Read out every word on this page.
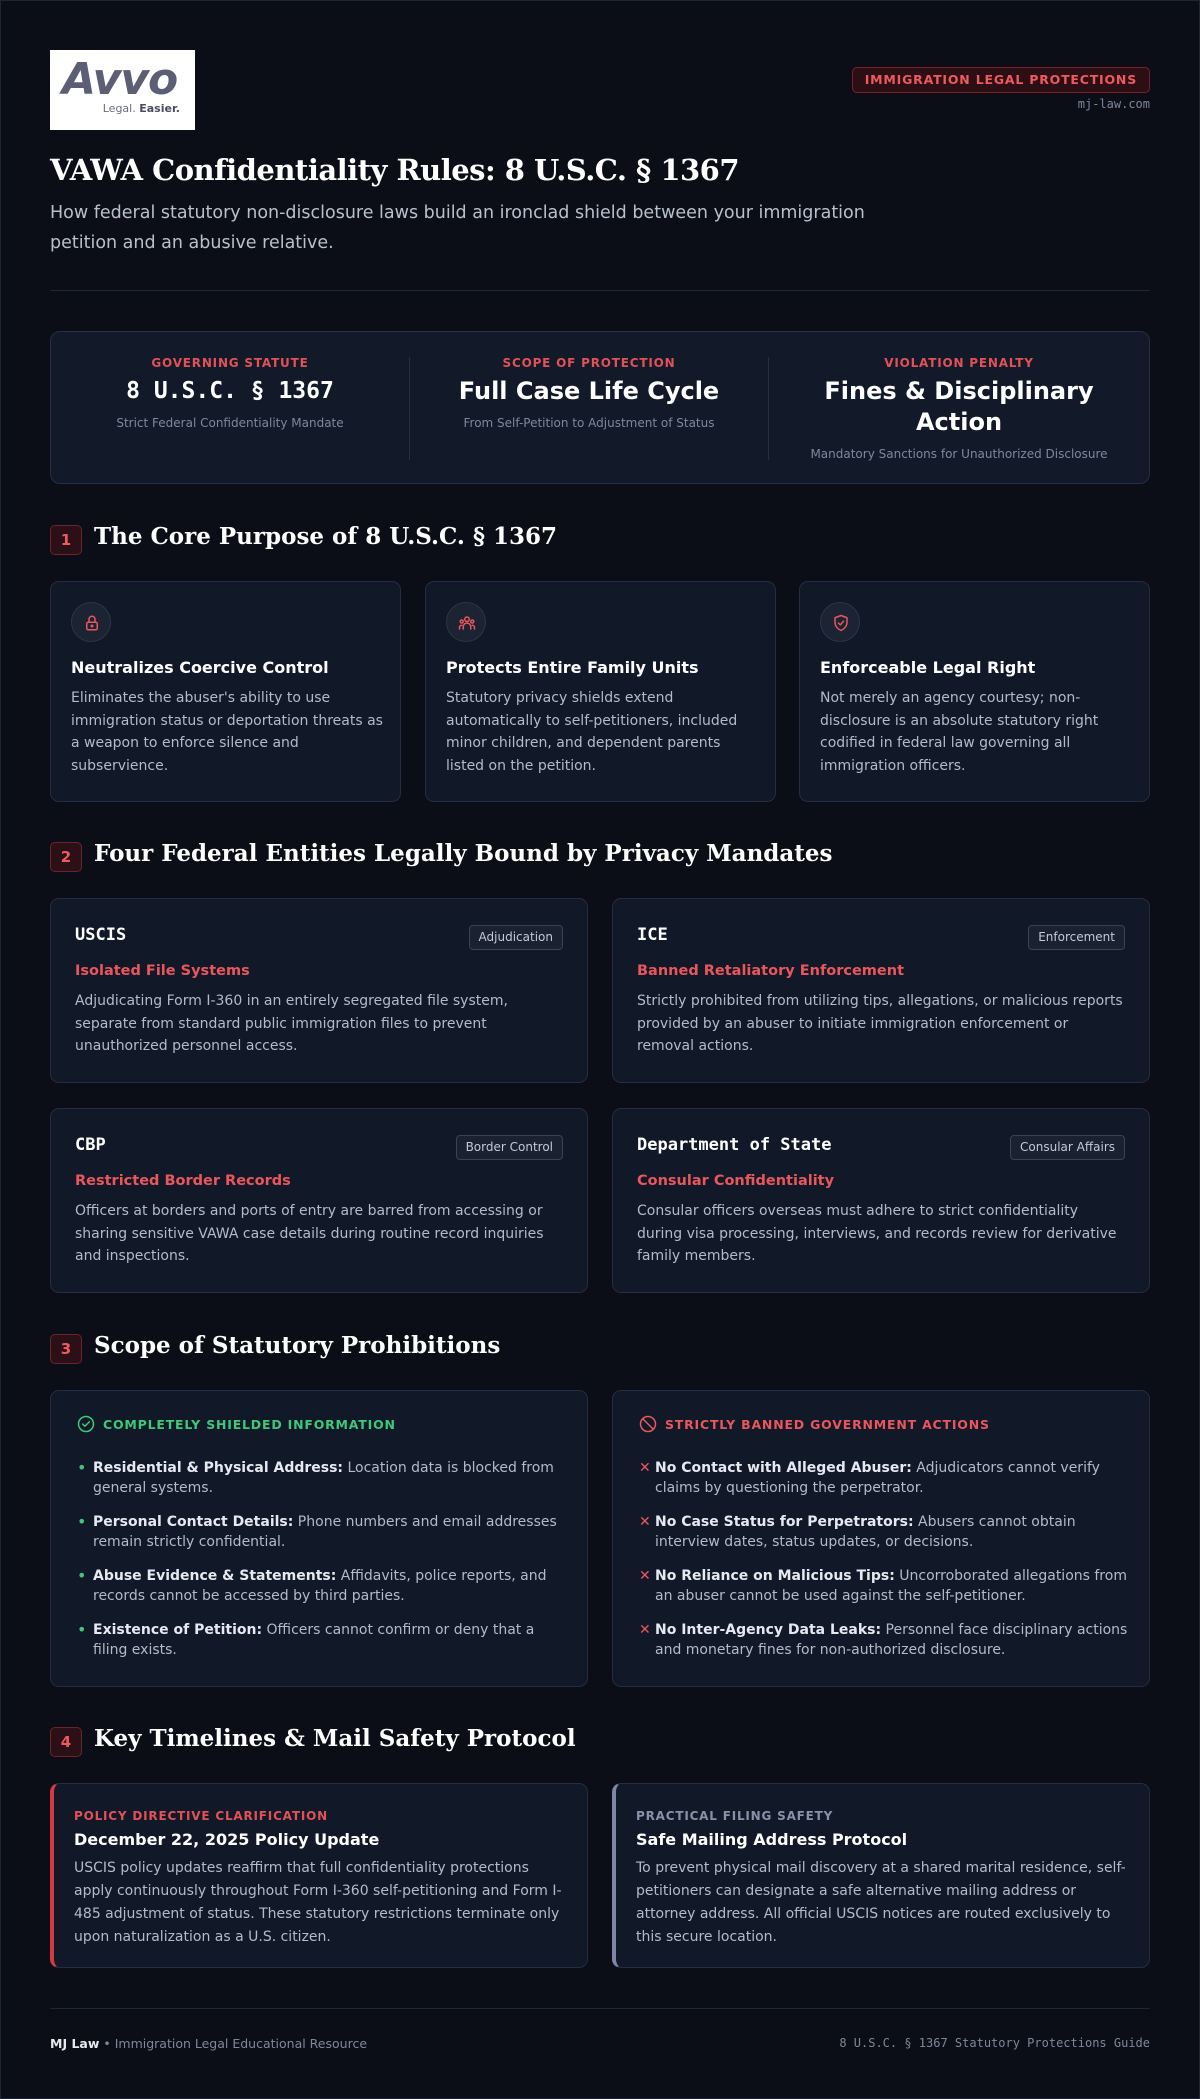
Avvo
Legal. Easier.
IMMIGRATION LEGAL PROTECTIONS
mj-law.com
VAWA Confidentiality Rules: 8 U.S.C. § 1367
How federal statutory non-disclosure laws build an ironclad shield between your immigration petition and an abusive relative.
GOVERNING STATUTE
8 U.S.C. § 1367
Strict Federal Confidentiality Mandate
SCOPE OF PROTECTION
Full Case Life Cycle
From Self-Petition to Adjustment of Status
VIOLATION PENALTY
Fines & Disciplinary Action
Mandatory Sanctions for Unauthorized Disclosure
1 The Core Purpose of 8 U.S.C. § 1367
Neutralizes Coercive Control
Eliminates the abuser's ability to use immigration status or deportation threats as a weapon to enforce silence and subservience.
Protects Entire Family Units
Statutory privacy shields extend automatically to self-petitioners, included minor children, and dependent parents listed on the petition.
Enforceable Legal Right
Not merely an agency courtesy; non-disclosure is an absolute statutory right codified in federal law governing all immigration officers.
2 Four Federal Entities Legally Bound by Privacy Mandates
USCIS	Adjudication
Isolated File Systems
Adjudicating Form I-360 in an entirely segregated file system, separate from standard public immigration files to prevent unauthorized personnel access.
ICE	Enforcement
Banned Retaliatory Enforcement
Strictly prohibited from utilizing tips, allegations, or malicious reports provided by an abuser to initiate immigration enforcement or removal actions.
CBP	Border Control
Restricted Border Records
Officers at borders and ports of entry are barred from accessing or sharing sensitive VAWA case details during routine record inquiries and inspections.
Department of State	Consular Affairs
Consular Confidentiality
Consular officers overseas must adhere to strict confidentiality during visa processing, interviews, and records review for derivative family members.
3 Scope of Statutory Prohibitions
COMPLETELY SHIELDED INFORMATION
• Residential & Physical Address: Location data is blocked from general systems.
• Personal Contact Details: Phone numbers and email addresses remain strictly confidential.
• Abuse Evidence & Statements: Affidavits, police reports, and records cannot be accessed by third parties.
• Existence of Petition: Officers cannot confirm or deny that a filing exists.
STRICTLY BANNED GOVERNMENT ACTIONS
✕ No Contact with Alleged Abuser: Adjudicators cannot verify claims by questioning the perpetrator.
✕ No Case Status for Perpetrators: Abusers cannot obtain interview dates, status updates, or decisions.
✕ No Reliance on Malicious Tips: Uncorroborated allegations from an abuser cannot be used against the self-petitioner.
✕ No Inter-Agency Data Leaks: Personnel face disciplinary actions and monetary fines for non-authorized disclosure.
4 Key Timelines & Mail Safety Protocol
POLICY DIRECTIVE CLARIFICATION
December 22, 2025 Policy Update
USCIS policy updates reaffirm that full confidentiality protections apply continuously throughout Form I-360 self-petitioning and Form I-485 adjustment of status. These statutory restrictions terminate only upon naturalization as a U.S. citizen.
PRACTICAL FILING SAFETY
Safe Mailing Address Protocol
To prevent physical mail discovery at a shared marital residence, self-petitioners can designate a safe alternative mailing address or attorney address. All official USCIS notices are routed exclusively to this secure location.
MJ Law • Immigration Legal Educational Resource	8 U.S.C. § 1367 Statutory Protections Guide
